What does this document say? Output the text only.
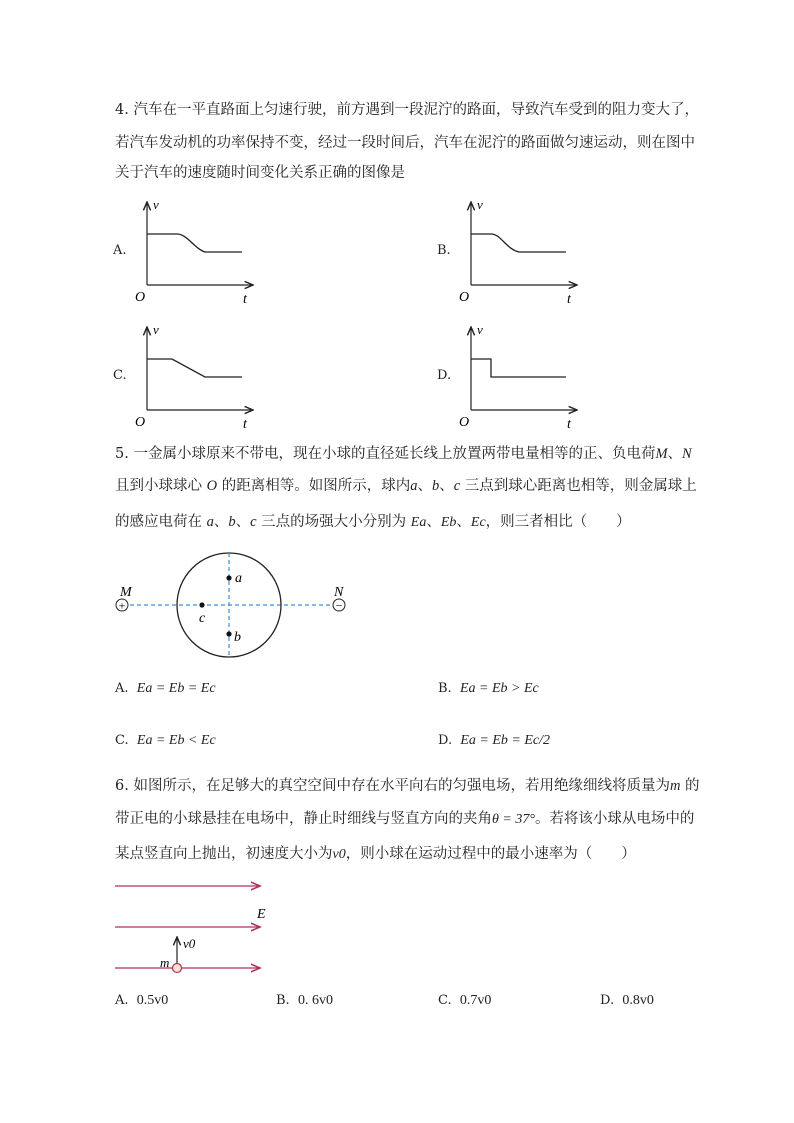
4. 汽车在一平直路面上匀速行驶，前方遇到一段泥泞的路面，导致汽车受到的阻力变大了，
若汽车发动机的功率保持不变，经过一段时间后，汽车在泥泞的路面做匀速运动，则在图中
关于汽车的速度随时间变化关系正确的图像是
A.
v
t
O
B.
v
t
O
C.
v
t
O
D.
v
t
O
5. 一金属小球原来不带电，现在小球的直径延长线上放置两带电量相等的正、负电荷M、N
且到小球球心 O 的距离相等。如图所示，球内a、b、c 三点到球心距离也相等，则金属球上
的感应电荷在 a、b、c 三点的场强大小分别为 Ea、Eb、Ec，则三者相比（　　）
+
M
−
N
a
b
c
A. Ea = Eb = Ec	B. Ea = Eb > Ec
C. Ea = Eb < Ec	D. Ea = Eb = Ec/2
6. 如图所示，在足够大的真空空间中存在水平向右的匀强电场，若用绝缘细线将质量为m 的
带正电的小球悬挂在电场中，静止时细线与竖直方向的夹角θ = 37°。若将该小球从电场中的
某点竖直向上抛出，初速度大小为v0，则小球在运动过程中的最小速率为（　　）
E
v0
m
A. 0.5v0	B. 0. 6v0	C. 0.7v0	D. 0.8v0
